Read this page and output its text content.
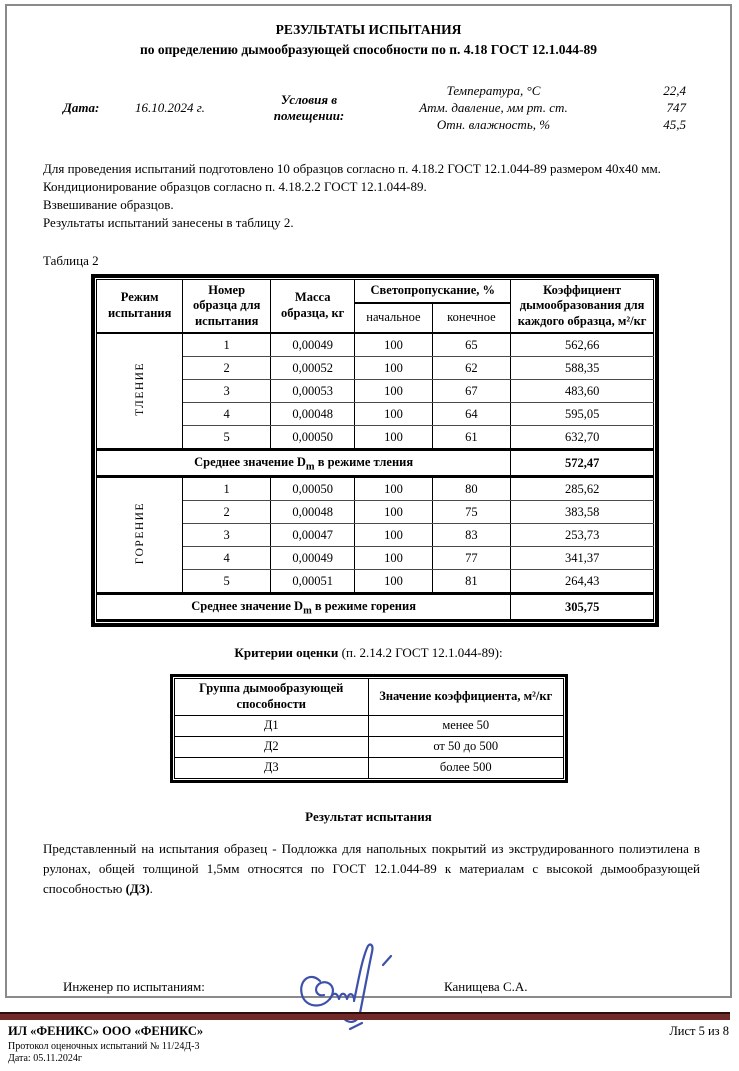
РЕЗУЛЬТАТЫ ИСПЫТАНИЯ
по определению дымообразующей способности по п. 4.18 ГОСТ 12.1.044-89
Дата:	16.10.2024 г.
Условия в
помещении:
Температура, °С	22,4
Атм. давление, мм рт. ст.	747
Отн. влажность, %	45,5
Для проведения испытаний подготовлено 10 образцов согласно п. 4.18.2 ГОСТ 12.1.044-89 размером 40х40 мм.
Кондиционирование образцов согласно п. 4.18.2.2 ГОСТ 12.1.044-89.
Взвешивание образцов.
Результаты испытаний занесены в таблицу 2.
Таблица 2
Режим испытания	Номер образца для испытания	Масса образца, кг	Светопропускание, %		Коэффициент дымообразования для каждого образца, м²/кг
			начальное	конечное	
ТЛЕНИЕ	1	0,00049	100	65	562,66
	2	0,00052	100	62	588,35
	3	0,00053	100	67	483,60
	4	0,00048	100	64	595,05
	5	0,00050	100	61	632,70
Среднее значение $D_m$ в режиме тления					572,47
ГОРЕНИЕ	1	0,00050	100	80	285,62
	2	0,00048	100	75	383,58
	3	0,00047	100	83	253,73
	4	0,00049	100	77	341,37
	5	0,00051	100	81	264,43
Среднее значение $D_m$ в режиме горения					305,75
Критерии оценки (п. 2.14.2 ГОСТ 12.1.044-89):
Группа дымообразующей способности	Значение коэффициента, м²/кг
Д1	менее 50
Д2	от 50 до 500
Д3	более 500
Результат испытания
Представленный на испытания образец - Подложка для напольных покрытий из экструдированного полиэтилена в рулонах, общей толщиной 1,5мм относятся по ГОСТ 12.1.044-89 к материалам с высокой дымообразующей способностью (Д3).
Инженер по испытаниям:	Канищева С.А.
ИЛ «ФЕНИКС» ООО «ФЕНИКС»	Лист 5 из 8
Протокол оценочных испытаний № 11/24Д-3
Дата: 05.11.2024г
